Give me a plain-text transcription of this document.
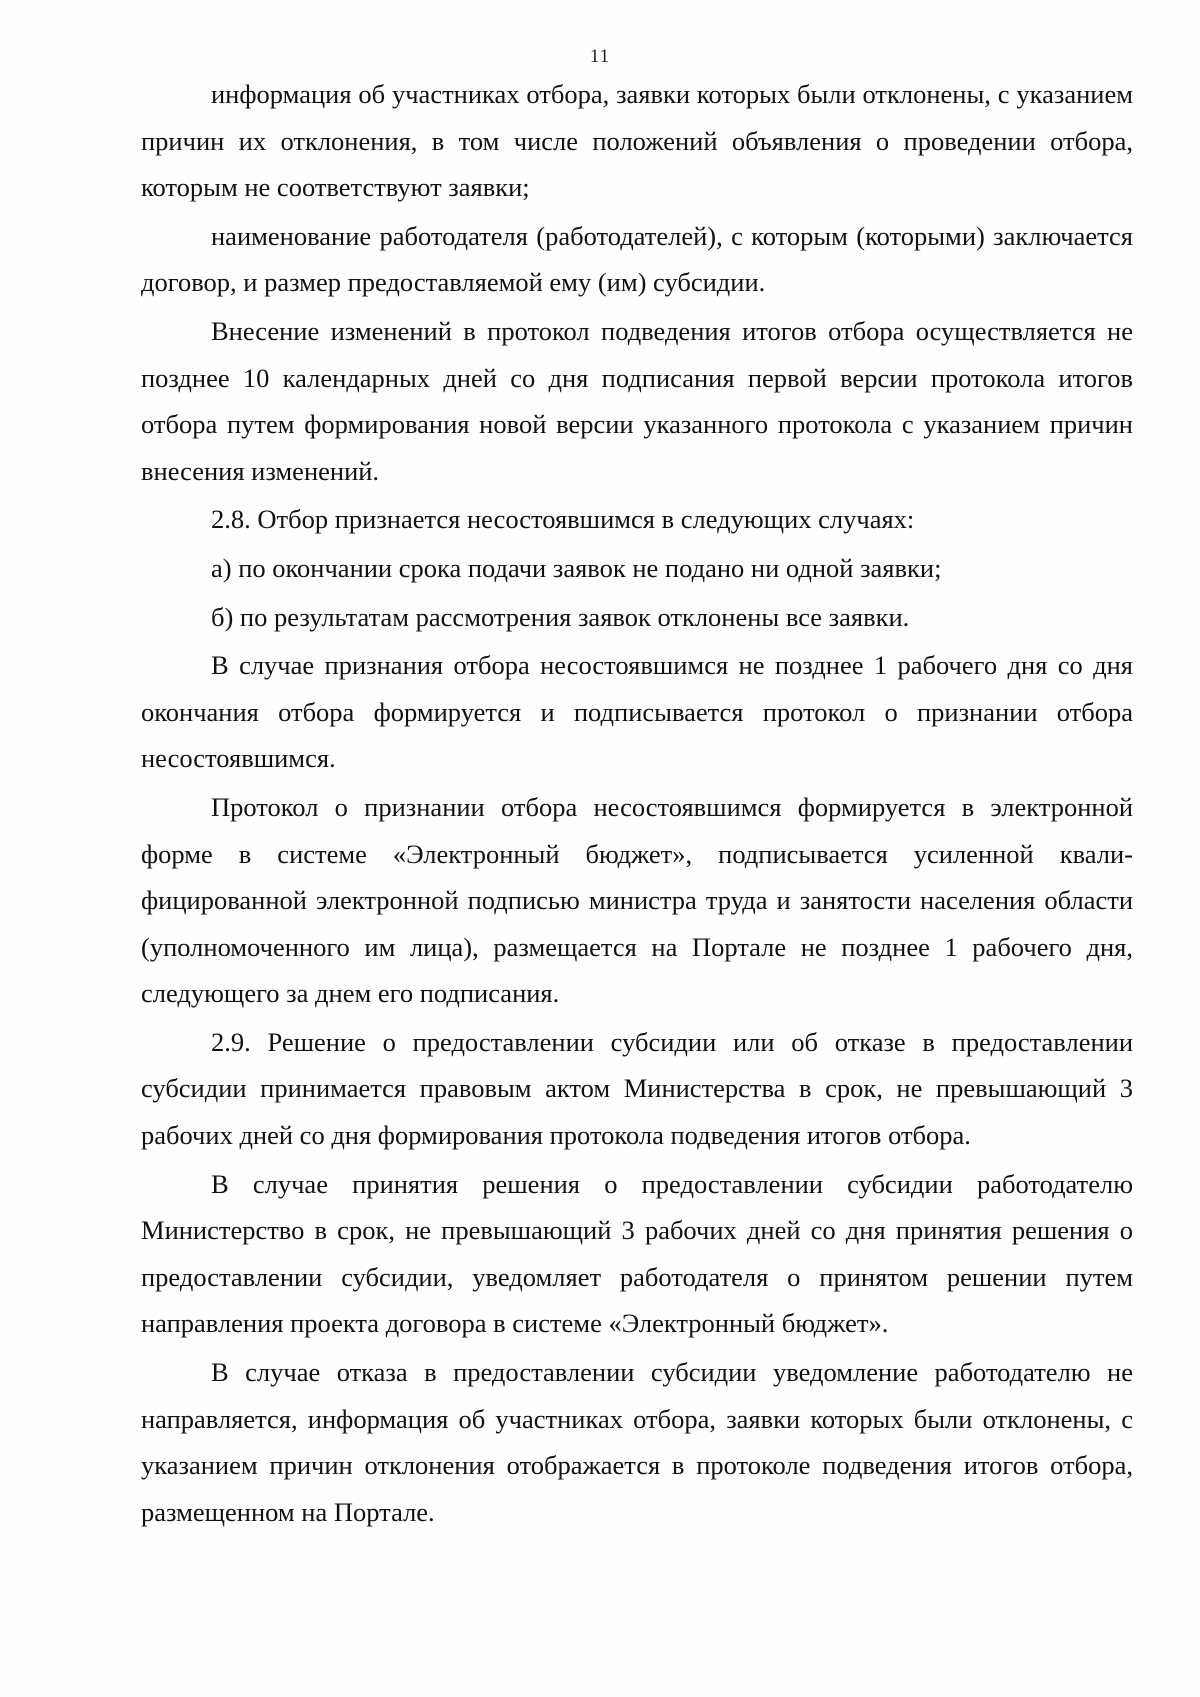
11

информация об участниках отбора, заявки которых были отклонены, с указанием причин их отклонения, в том числе положений объявления о проведении отбора, которым не соответствуют заявки;

наименование работодателя (работодателей), с которым (которыми) заключается договор, и размер предоставляемой ему (им) субсидии.

Внесение изменений в протокол подведения итогов отбора осуществляется не позднее 10 календарных дней со дня подписания первой версии протокола итогов отбора путем формирования новой версии указанного протокола с указанием причин внесения изменений.

2.8. Отбор признается несостоявшимся в следующих случаях:

а) по окончании срока подачи заявок не подано ни одной заявки;

б) по результатам рассмотрения заявок отклонены все заявки.

В случае признания отбора несостоявшимся не позднее 1 рабочего дня со дня окончания отбора формируется и подписывается протокол о признании отбора несостоявшимся.

Протокол о признании отбора несостоявшимся формируется в электронной форме в системе «Электронный бюджет», подписывается усиленной квалифицированной электронной подписью министра труда и занятости населения области (уполномоченного им лица), размещается на Портале не позднее 1 рабочего дня, следующего за днем его подписания.

2.9. Решение о предоставлении субсидии или об отказе в предоставлении субсидии принимается правовым актом Министерства в срок, не превышающий 3 рабочих дней со дня формирования протокола подведения итогов отбора.

В случае принятия решения о предоставлении субсидии работодателю Министерство в срок, не превышающий 3 рабочих дней со дня принятия решения о предоставлении субсидии, уведомляет работодателя о принятом решении путем направления проекта договора в системе «Электронный бюджет».

В случае отказа в предоставлении субсидии уведомление работодателю не направляется, информация об участниках отбора, заявки которых были отклонены, с указанием причин отклонения отображается в протоколе подведения итогов отбора, размещенном на Портале.
